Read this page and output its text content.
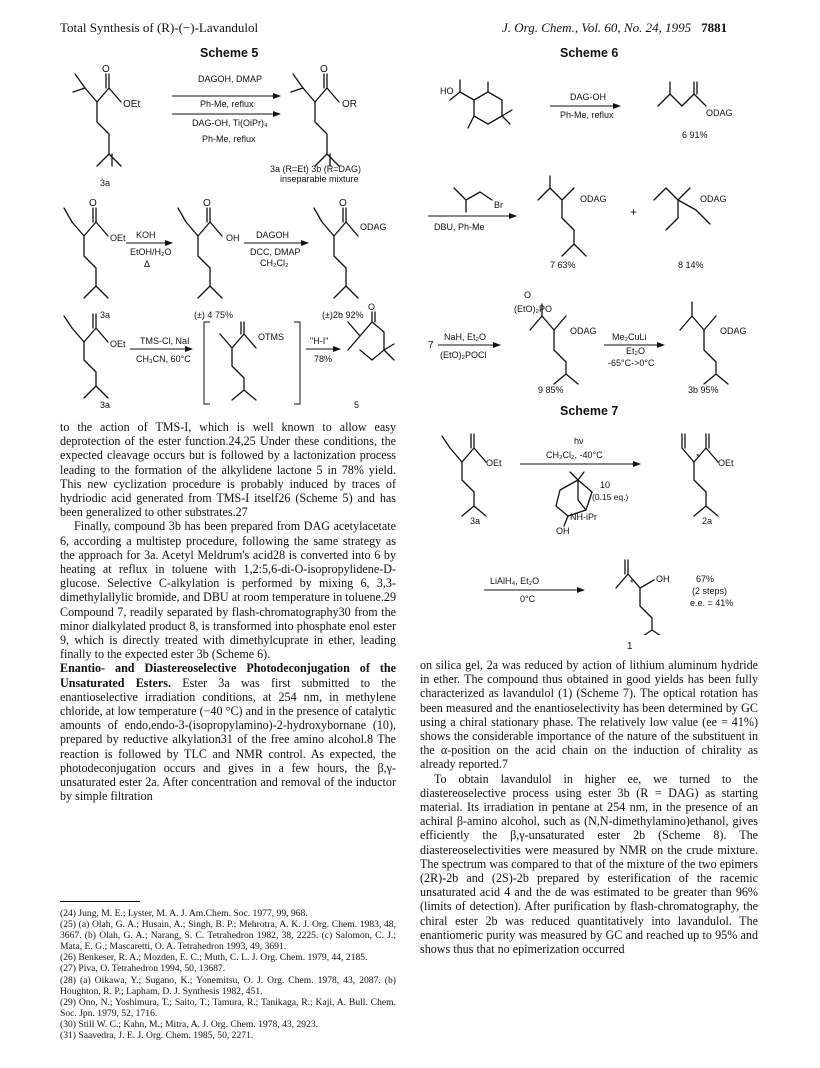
Total Synthesis of (R)-(−)-Lavandulol	J. Org. Chem., Vol. 60, No. 24, 1995 7881
Scheme 5
O
OEt
DAGOH, DMAP
Ph-Me, reflux
DAG-OH, Ti(OiPr)₄
Ph-Me, reflux
O
OR
3a
3a (R=Et) 3b (R=DAG)
inseparable mixture
O
OEt KOH
EtOH/H₂O
Δ
O
OH DAGOH
DCC, DMAP
CH₂Cl₂
O
ODAG
3a	(±) 4 75%	(±)2b 92%
OEt TMS-Cl, NaI
CH₃CN, 60°C
OTMS	"H-I"
78%
O
3a	5
Scheme 6
HO
DAG-OH
Ph-Me, reflux	ODAG
6 91%
Br
DBU, Ph-Me
ODAG
+
ODAG
7 63%	8 14%
7
NaH, Et₂O
(EtO)₂POCl
(EtO)₂PO
O
ODAG
Me₂CuLi
Et₂O
-65°C->0°C
ODAG
9 85%	3b 95%
Scheme 7
OEt
hν
CH₂Cl₂, -40°C
10
(0.15 eq.)
NH-iPr
OH
*
OEt
3a	2a
LiAlH₄, Et₂O
0°C
* OH	67%
(2 steps)
e.e. = 41%
1

to the action of TMS-I, which is well known to allow easy deprotection of the ester function.24,25 Under these conditions, the expected cleavage occurs but is followed by a lactonization process leading to the formation of the alkylidene lactone 5 in 78% yield. This new cyclization procedure is probably induced by traces of hydriodic acid generated from TMS-I itself26 (Scheme 5) and has been generalized to other substrates.27

Finally, compound 3b has been prepared from DAG acetylacetate 6, according a multistep procedure, following the same strategy as the approach for 3a. Acetyl Meldrum's acid28 is converted into 6 by heating at reflux in toluene with 1,2:5,6-di-O-isopropylidene-D-glucose. Selective C-alkylation is performed by mixing 6, 3,3-dimethylallylic bromide, and DBU at room temperature in toluene.29 Compound 7, readily separated by flash-chromatography30 from the minor dialkylated product 8, is transformed into phosphate enol ester 9, which is directly treated with dimethylcuprate in ether, leading finally to the expected ester 3b (Scheme 6).

Enantio- and Diastereoselective Photodeconjugation of the Unsaturated Esters. Ester 3a was first submitted to the enantioselective irradiation conditions, at 254 nm, in methylene chloride, at low temperature (−40 °C) and in the presence of catalytic amounts of endo,endo-3-(isopropylamino)-2-hydroxybornane (10), prepared by reductive alkylation31 of the free amino alcohol.8 The reaction is followed by TLC and NMR control. As expected, the photodeconjugation occurs and gives in a few hours, the β,γ-unsaturated ester 2a. After concentration and removal of the inductor by simple filtration

(24) Jung, M. E.; Lyster, M. A. J. Am.Chem. Soc. 1977, 99, 968.
(25) (a) Olah, G. A.; Husain, A.; Singh, B. P.; Mehrotra, A. K. J. Org. Chem. 1983, 48, 3667. (b) Olah, G. A.; Narang, S. C. Tetrahedron 1982, 38, 2225. (c) Salomon, C. J.; Mata, E. G.; Mascaretti, O. A. Tetrahedron 1993, 49, 3691.
(26) Benkeser, R. A.; Mozden, E. C.; Muth, C. L. J. Org. Chem. 1979, 44, 2185.
(27) Piva, O. Tetrahedron 1994, 50, 13687.
(28) (a) Oikawa, Y.; Sugano, K.; Yonemitsu, O. J. Org. Chem. 1978, 43, 2087. (b) Houghton, R. P.; Lapham, D. J. Synthesis 1982, 451.
(29) Ono, N.; Yoshimura, T.; Saito, T.; Tamura, R.; Tanikaga, R.; Kaji, A. Bull. Chem. Soc. Jpn. 1979, 52, 1716.
(30) Still W. C.; Kahn, M.; Mitra, A. J. Org. Chem. 1978, 43, 2923.
(31) Saavedra, J. E. J. Org. Chem. 1985, 50, 2271.

on silica gel, 2a was reduced by action of lithium aluminum hydride in ether. The compound thus obtained in good yields has been fully characterized as lavandulol (1) (Scheme 7). The optical rotation has been measured and the enantioselectivity has been determined by GC using a chiral stationary phase. The relatively low value (ee = 41%) shows the considerable importance of the nature of the substituent in the α-position on the acid chain on the induction of chirality as already reported.7

To obtain lavandulol in higher ee, we turned to the diastereoselective process using ester 3b (R = DAG) as starting material. Its irradiation in pentane at 254 nm, in the presence of an achiral β-amino alcohol, such as (N,N-dimethylamino)ethanol, gives efficiently the β,γ-unsaturated ester 2b (Scheme 8). The diastereoselectivities were measured by NMR on the crude mixture. The spectrum was compared to that of the mixture of the two epimers (2R)-2b and (2S)-2b prepared by esterification of the racemic unsaturated acid 4 and the de was estimated to be greater than 96% (limits of detection). After purification by flash-chromatography, the chiral ester 2b was reduced quantitatively into lavandulol. The enantiomeric purity was measured by GC and reached up to 95% and shows thus that no epimerization occurred
